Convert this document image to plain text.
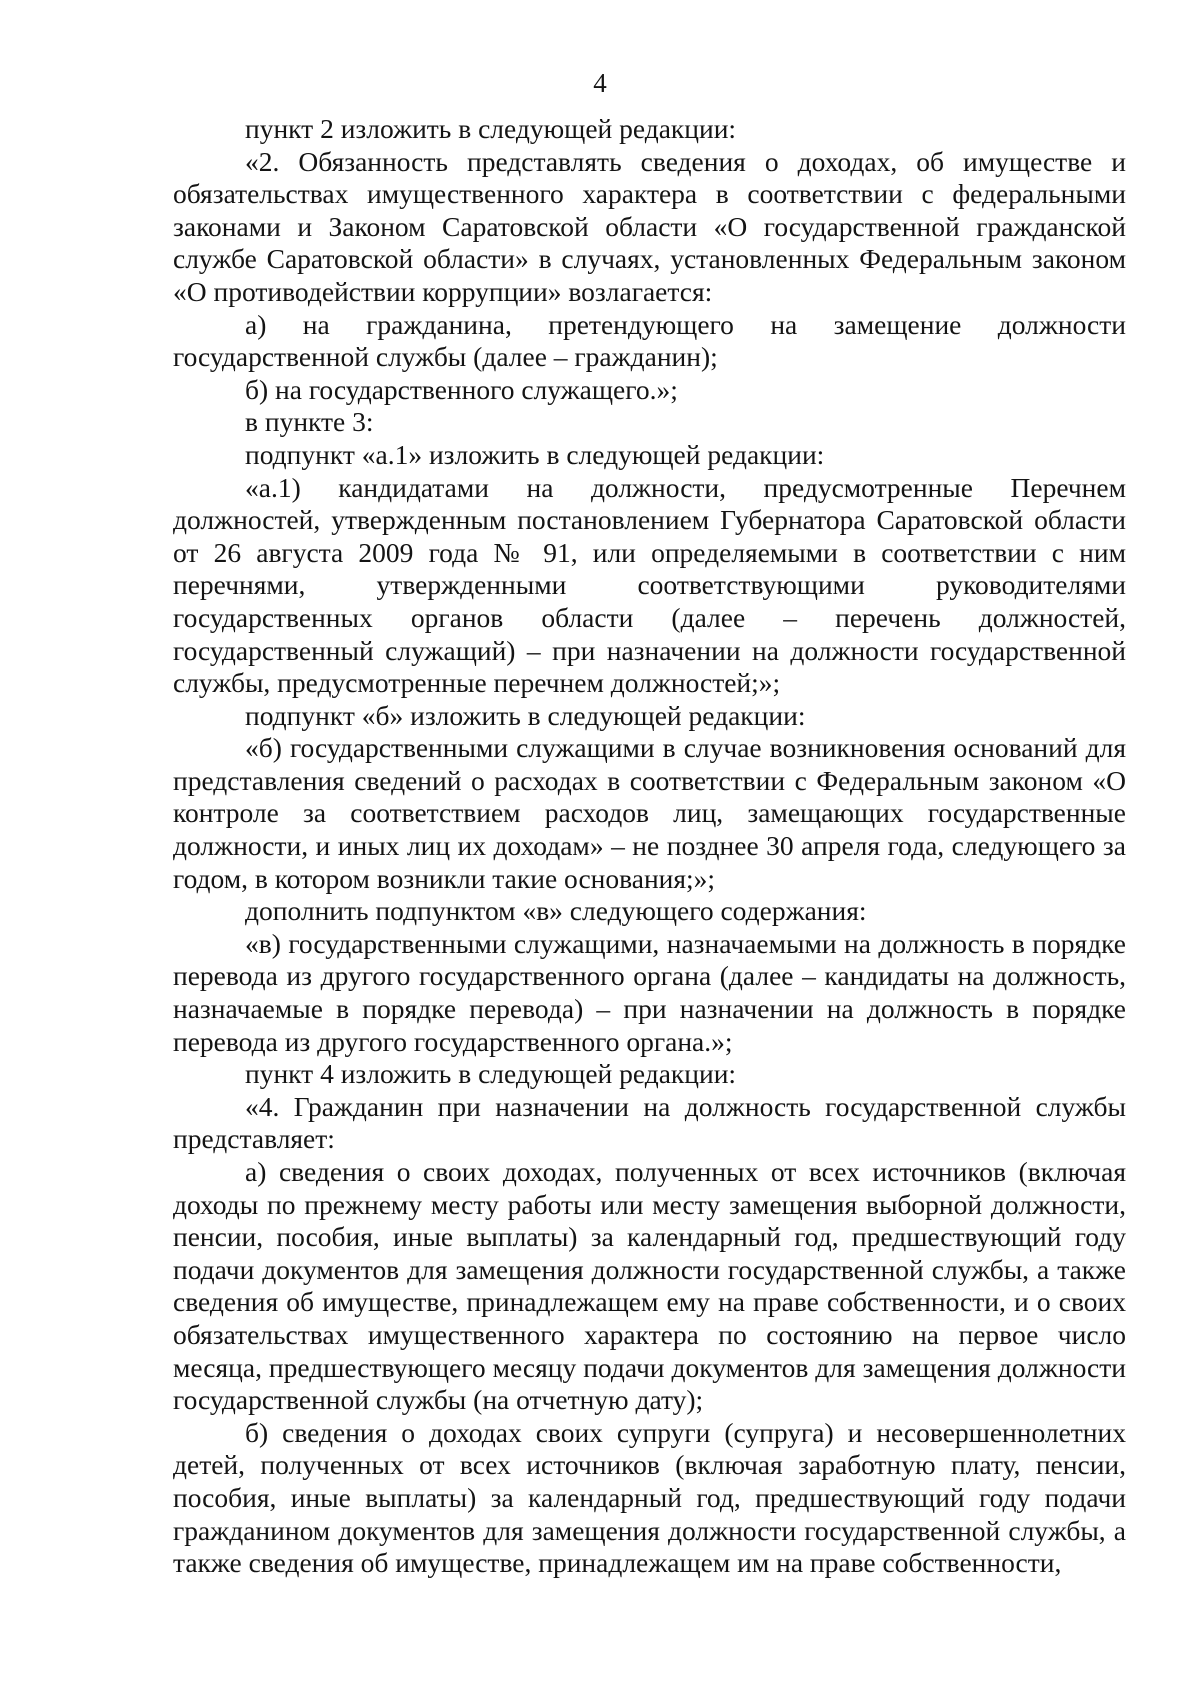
4

пункт 2 изложить в следующей редакции:

«2. Обязанность представлять сведения о доходах, об имуществе и обязательствах имущественного характера в соответствии с федеральными законами и Законом Саратовской области «О государственной гражданской службе Саратовской области» в случаях, установленных Федеральным законом «О противодействии коррупции» возлагается:

а) на гражданина, претендующего на замещение должности государственной службы (далее – гражданин);

б) на государственного служащего.»;

в пункте 3:

подпункт «а.1» изложить в следующей редакции:

«а.1) кандидатами на должности, предусмотренные Перечнем должностей, утвержденным постановлением Губернатора Саратовской области от 26 августа 2009 года № 91, или определяемыми в соответствии с ним перечнями, утвержденными соответствующими руководителями государственных органов области (далее – перечень должностей, государственный служащий) – при назначении на должности государственной службы, предусмотренные перечнем должностей;»;

подпункт «б» изложить в следующей редакции:

«б) государственными служащими в случае возникновения оснований для представления сведений о расходах в соответствии с Федеральным законом «О контроле за соответствием расходов лиц, замещающих государственные должности, и иных лиц их доходам» – не позднее 30 апреля года, следующего за годом, в котором возникли такие основания;»;

дополнить подпунктом «в» следующего содержания:

«в) государственными служащими, назначаемыми на должность в порядке перевода из другого государственного органа (далее – кандидаты на должность, назначаемые в порядке перевода) – при назначении на должность в порядке перевода из другого государственного органа.»;

пункт 4 изложить в следующей редакции:

«4. Гражданин при назначении на должность государственной службы представляет:

а) сведения о своих доходах, полученных от всех источников (включая доходы по прежнему месту работы или месту замещения выборной должности, пенсии, пособия, иные выплаты) за календарный год, предшествующий году подачи документов для замещения должности государственной службы, а также сведения об имуществе, принадлежащем ему на праве собственности, и о своих обязательствах имущественного характера по состоянию на первое число месяца, предшествующего месяцу подачи документов для замещения должности государственной службы (на отчетную дату);

б) сведения о доходах своих супруги (супруга) и несовершеннолетних детей, полученных от всех источников (включая заработную плату, пенсии, пособия, иные выплаты) за календарный год, предшествующий году подачи гражданином документов для замещения должности государственной службы, а также сведения об имуществе, принадлежащем им на праве собственности,
